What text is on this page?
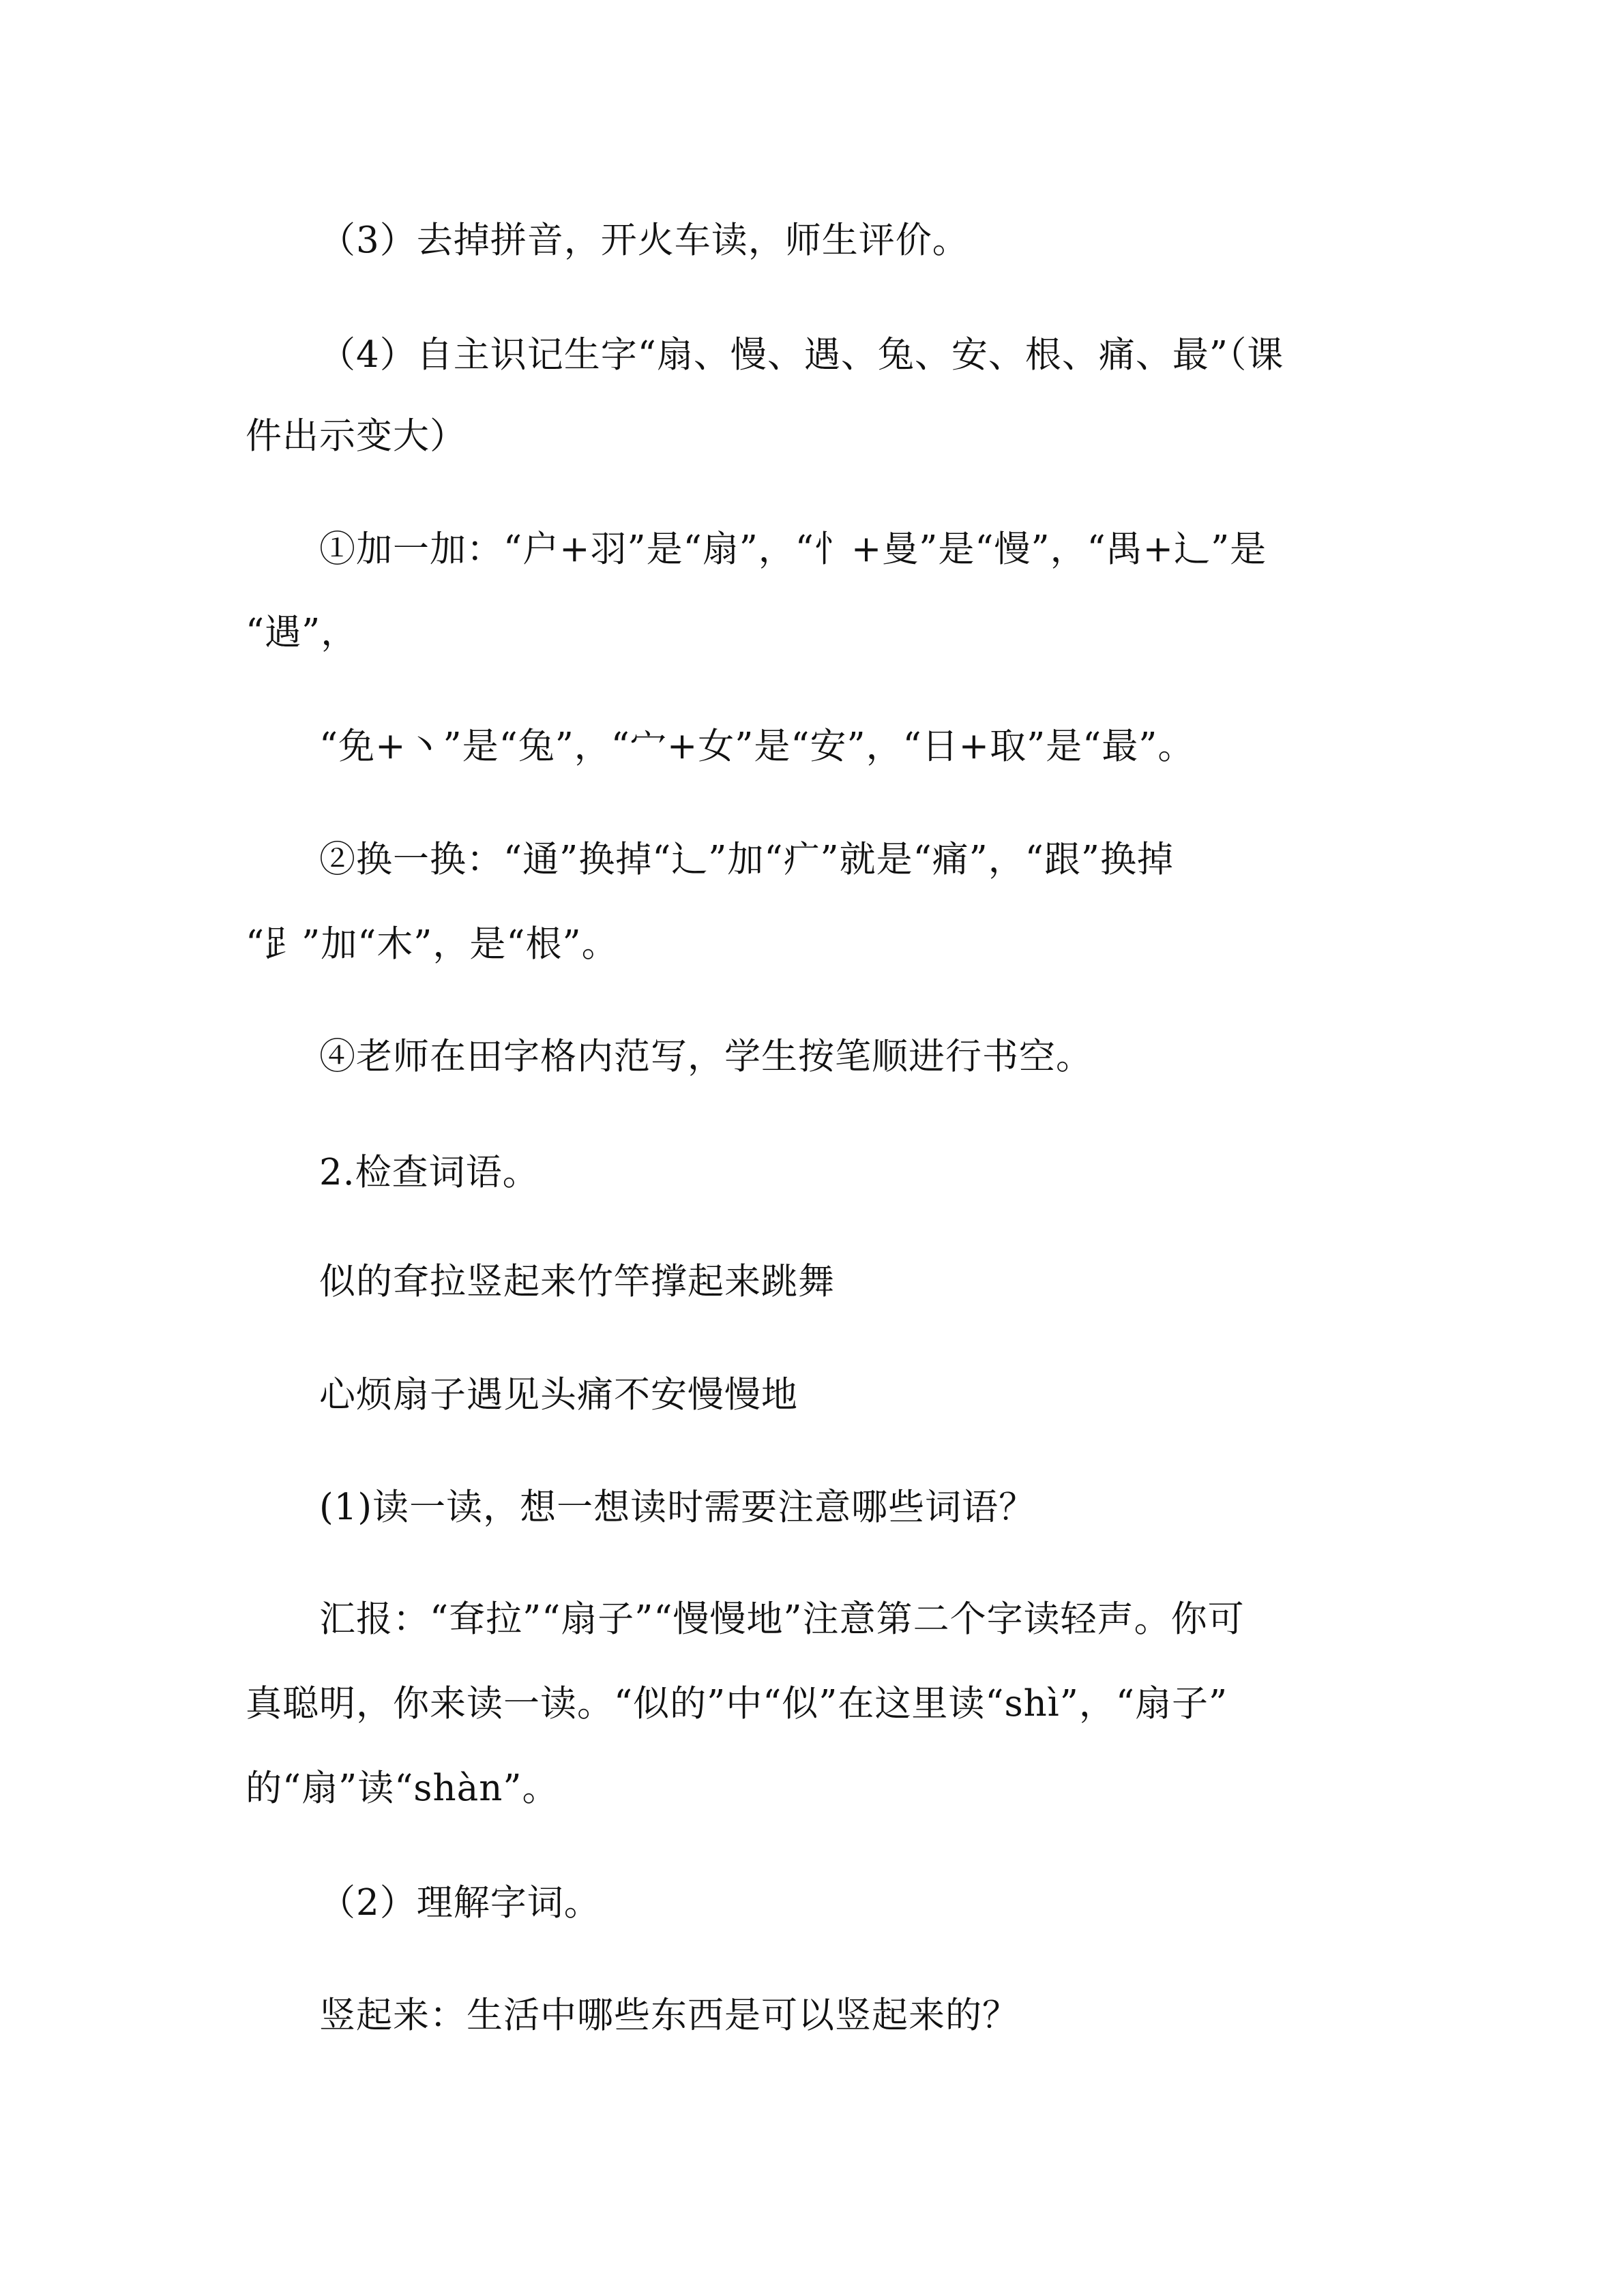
（3）去掉拼音，开火车读，师生评价。
（4）自主识记生字“扇、慢、遇、兔、安、根、痛、最”（课
件出示变大）
①加一加：“户+羽”是“扇”，“忄+曼”是“慢”，“禺+辶”是
“遇”，
“免+丶”是“兔”，“宀+女”是“安”，“日+取”是“最”。
②换一换：“通”换掉“辶”加“疒”就是“痛”，“跟”换掉
“𧾷”加“木”，是“根”。
④老师在田字格内范写，学生按笔顺进行书空。
2.检查词语。
似的耷拉竖起来竹竿撑起来跳舞
心烦扇子遇见头痛不安慢慢地
(1)读一读，想一想读时需要注意哪些词语？
汇报：“耷拉”“扇子”“慢慢地”注意第二个字读轻声。你可
真聪明，你来读一读。“似的”中“似”在这里读“shì”，“扇子”
的“扇”读“shàn”。
（2）理解字词。
竖起来：生活中哪些东西是可以竖起来的？
